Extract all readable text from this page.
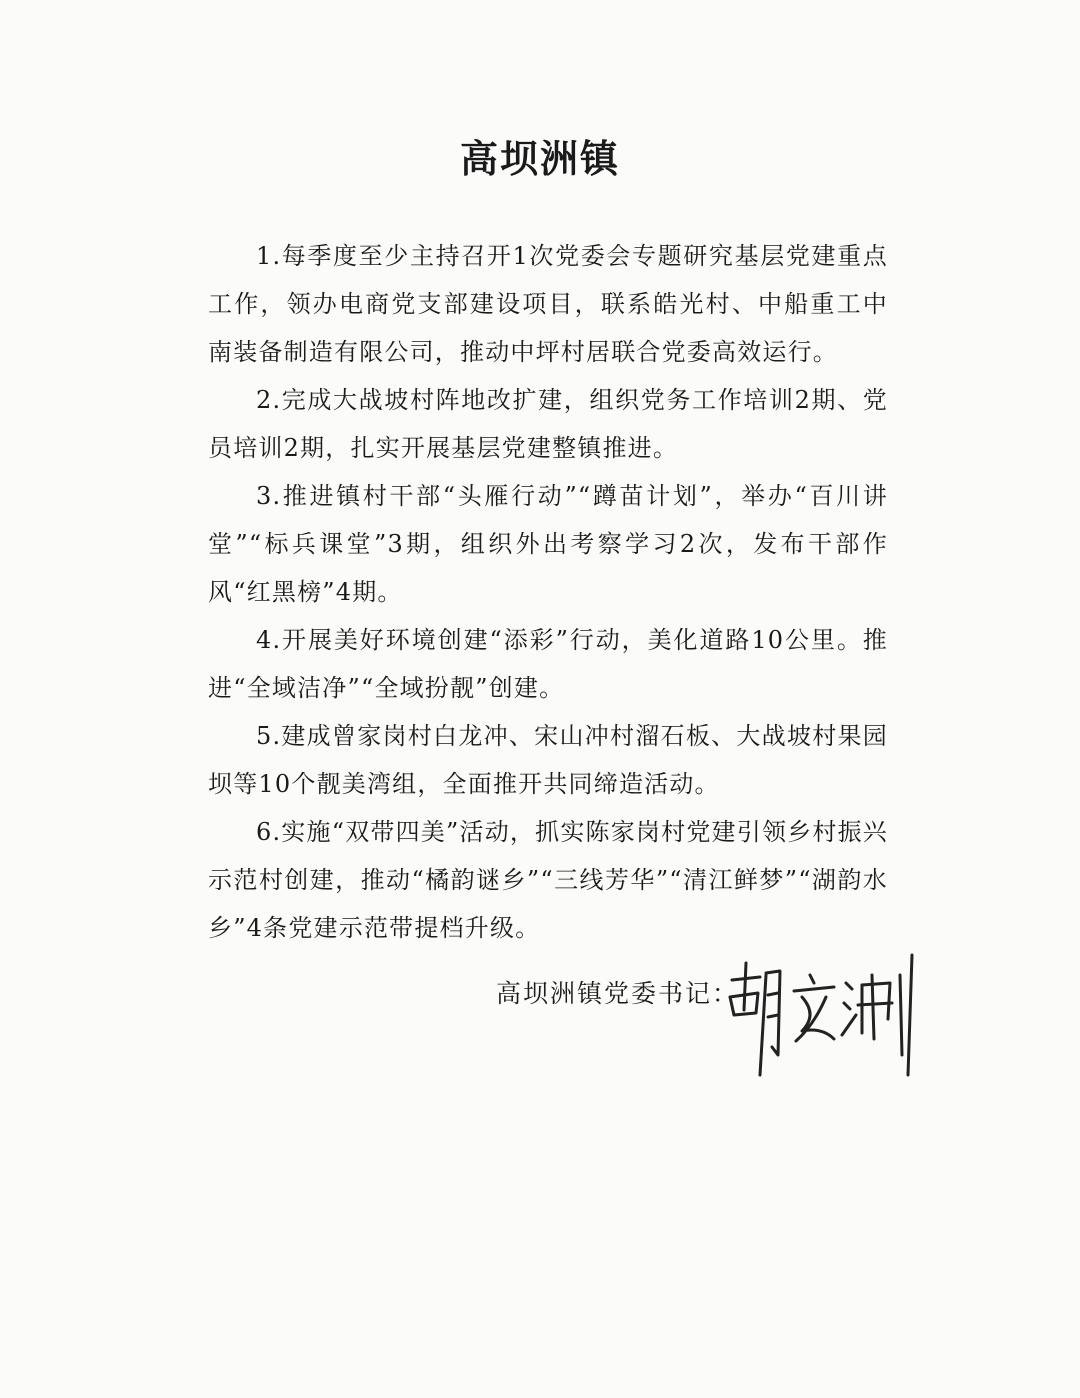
高坝洲镇

1.每季度至少主持召开1次党委会专题研究基层党建重点工作，领办电商党支部建设项目，联系皓光村、中船重工中南装备制造有限公司，推动中坪村居联合党委高效运行。

2.完成大战坡村阵地改扩建，组织党务工作培训2期、党员培训2期，扎实开展基层党建整镇推进。

3.推进镇村干部“头雁行动”“蹲苗计划”，举办“百川讲堂”“标兵课堂”3期，组织外出考察学习2次，发布干部作风“红黑榜”4期。

4.开展美好环境创建“添彩”行动，美化道路10公里。推进“全域洁净”“全域扮靓”创建。

5.建成曾家岗村白龙冲、宋山冲村溜石板、大战坡村果园坝等10个靓美湾组，全面推开共同缔造活动。

6.实施“双带四美”活动，抓实陈家岗村党建引领乡村振兴示范村创建，推动“橘韵谜乡”“三线芳华”“清江鲜梦”“湖韵水乡”4条党建示范带提档升级。

高坝洲镇党委书记：
